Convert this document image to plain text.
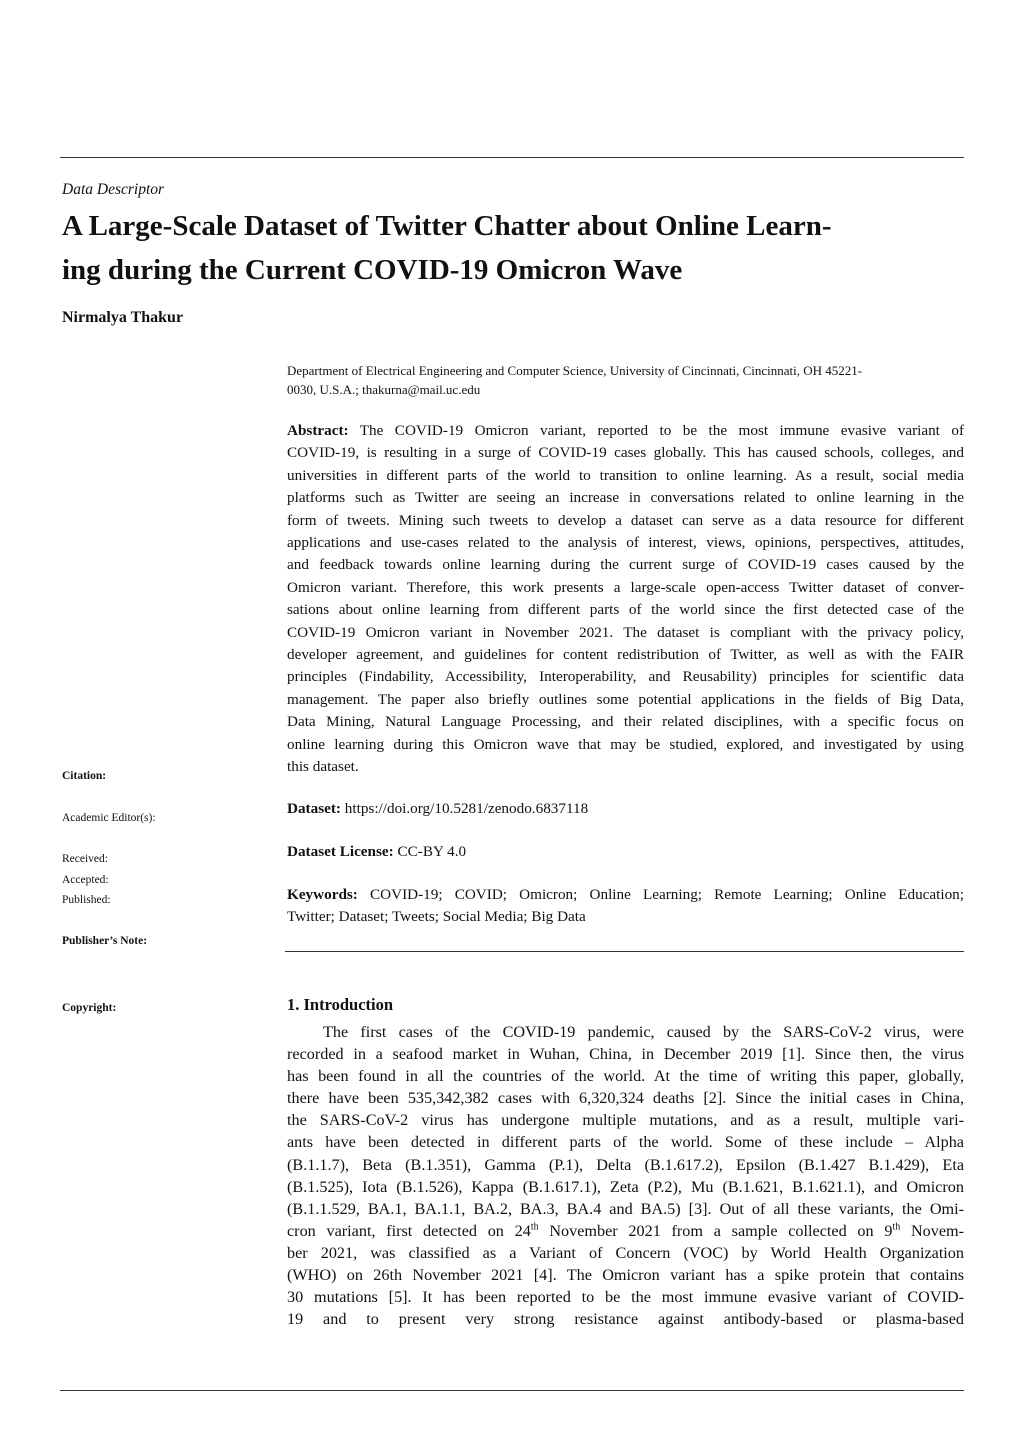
Data Descriptor
A Large-Scale Dataset of Twitter Chatter about Online Learn-
ing during the Current COVID-19 Omicron Wave
Nirmalya Thakur
Department of Electrical Engineering and Computer Science, University of Cincinnati, Cincinnati, OH 45221-
0030, U.S.A.; thakurna@mail.uc.edu
Abstract: The COVID-19 Omicron variant, reported to be the most immune evasive variant of
COVID-19, is resulting in a surge of COVID-19 cases globally. This has caused schools, colleges, and
universities in different parts of the world to transition to online learning. As a result, social media
platforms such as Twitter are seeing an increase in conversations related to online learning in the
form of tweets. Mining such tweets to develop a dataset can serve as a data resource for different
applications and use-cases related to the analysis of interest, views, opinions, perspectives, attitudes,
and feedback towards online learning during the current surge of COVID-19 cases caused by the
Omicron variant. Therefore, this work presents a large-scale open-access Twitter dataset of conver-
sations about online learning from different parts of the world since the first detected case of the
COVID-19 Omicron variant in November 2021. The dataset is compliant with the privacy policy,
developer agreement, and guidelines for content redistribution of Twitter, as well as with the FAIR
principles (Findability, Accessibility, Interoperability, and Reusability) principles for scientific data
management. The paper also briefly outlines some potential applications in the fields of Big Data,
Data Mining, Natural Language Processing, and their related disciplines, with a specific focus on
online learning during this Omicron wave that may be studied, explored, and investigated by using
this dataset.
Dataset: https://doi.org/10.5281/zenodo.6837118
Dataset License: CC-BY 4.0
Keywords: COVID-19; COVID; Omicron; Online Learning; Remote Learning; Online Education;
Twitter; Dataset; Tweets; Social Media; Big Data
Citation:
Academic Editor(s):
Received:
Accepted:
Published:
Publisher’s Note:
Copyright:	1. Introduction
The first cases of the COVID-19 pandemic, caused by the SARS-CoV-2 virus, were
recorded in a seafood market in Wuhan, China, in December 2019 [1]. Since then, the virus
has been found in all the countries of the world. At the time of writing this paper, globally,
there have been 535,342,382 cases with 6,320,324 deaths [2]. Since the initial cases in China,
the SARS-CoV-2 virus has undergone multiple mutations, and as a result, multiple vari-
ants have been detected in different parts of the world. Some of these include – Alpha
(B.1.1.7), Beta (B.1.351), Gamma (P.1), Delta (B.1.617.2), Epsilon (B.1.427 B.1.429), Eta
(B.1.525), Iota (B.1.526), Kappa (B.1.617.1), Zeta (P.2), Mu (B.1.621, B.1.621.1), and Omicron
(B.1.1.529, BA.1, BA.1.1, BA.2, BA.3, BA.4 and BA.5) [3]. Out of all these variants, the Omi-
cron variant, first detected on 24th November 2021 from a sample collected on 9th Novem-
ber 2021, was classified as a Variant of Concern (VOC) by World Health Organization
(WHO) on 26th November 2021 [4]. The Omicron variant has a spike protein that contains
30 mutations [5]. It has been reported to be the most immune evasive variant of COVID-
19 and to present very strong resistance against antibody-based or plasma-based
